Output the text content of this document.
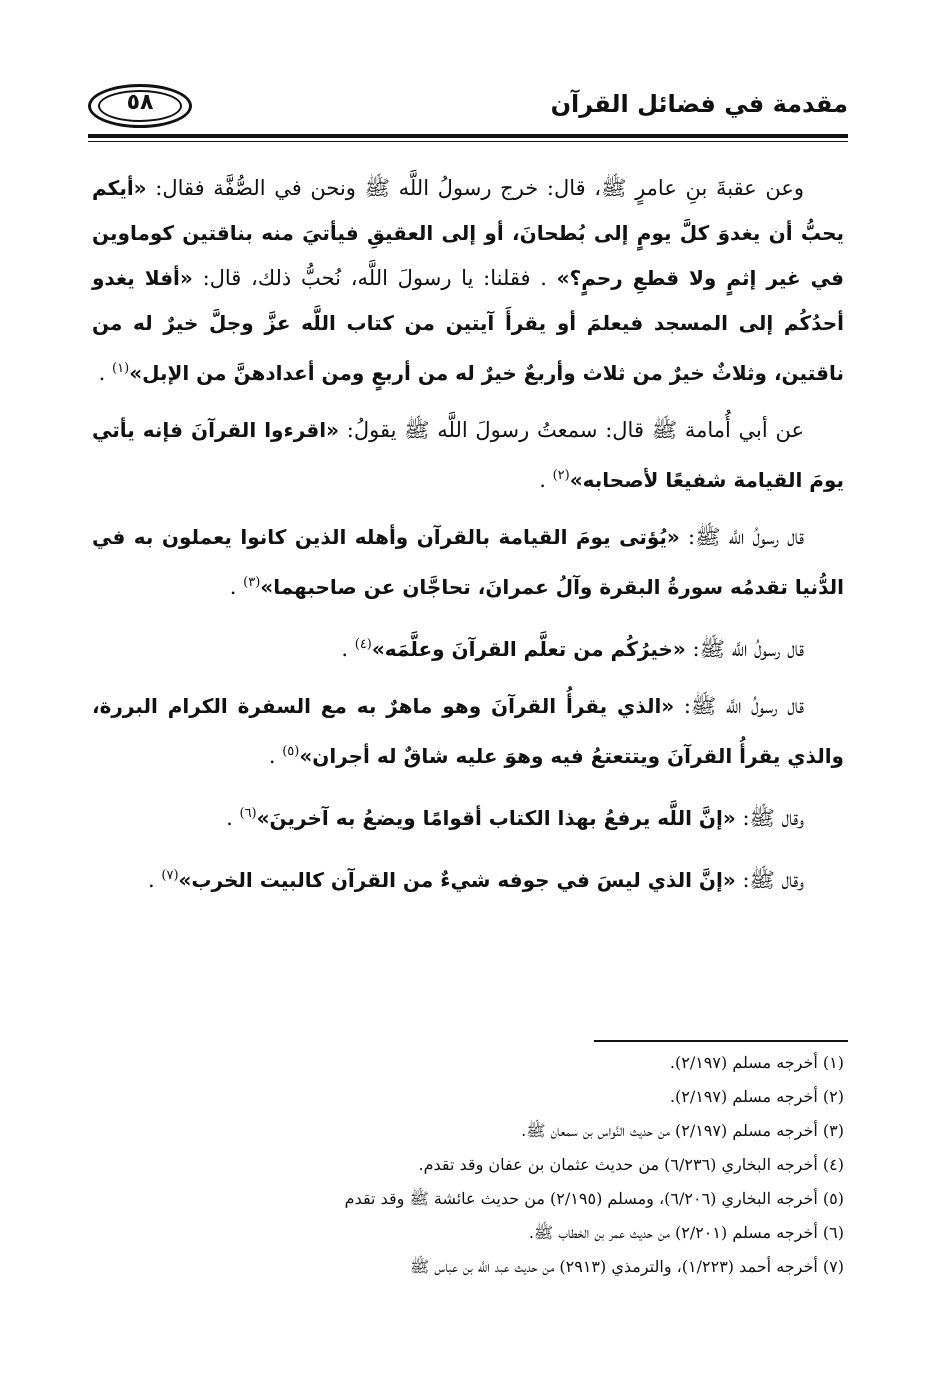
٥٨	مقدمة في فضائل القرآن

وعن عقبةَ بنِ عامرٍ ﷺ، قال: خرج رسولُ اللَّه ﷺ ونحن في الصُّفَّة فقال: «أيكم يحبُّ أن يغدوَ كلَّ يومٍ إلى بُطحانَ، أو إلى العقيقِ فيأتيَ منه بناقتين كوماوين في غير إثمٍ ولا قطعِ رحمٍ؟» . فقلنا: يا رسولَ اللَّه، نُحبُّ ذلك، قال: «أفلا يغدو أحدُكُم إلى المسجد فيعلمَ أو يقرأَ آيتين من كتاب اللَّه عزَّ وجلَّ خيرٌ له من ناقتين، وثلاثٌ خيرٌ من ثلاث وأربعٌ خيرٌ له من أربعٍ ومن أعدادهنَّ من الإبل»$^{(١)}$ .

عن أبي أُمامة ﷺ قال: سمعتُ رسولَ اللَّه ﷺ يقولُ: «اقرءوا القرآنَ فإنه يأتي يومَ القيامة شفيعًا لأصحابه»$^{(٢)}$ .

قال رسولُ اللَّه ﷺ: «يُؤتى يومَ القيامة بالقرآن وأهله الذين كانوا يعملون به في الدُّنيا تقدمُه سورةُ البقرة وآلُ عمرانَ، تحاجَّان عن صاحبهما»$^{(٣)}$ .

قال رسولُ اللَّه ﷺ: «خيرُكُم من تعلَّم القرآنَ وعلَّمَه»$^{(٤)}$ .

قال رسولُ اللَّه ﷺ: «الذي يقرأُ القرآنَ وهو ماهرٌ به مع السفرة الكرام البررة، والذي يقرأُ القرآنَ ويتتعتعُ فيه وهوَ عليه شاقٌ له أجران»$^{(٥)}$ .

وقال ﷺ: «إنَّ اللَّه يرفعُ بهذا الكتاب أقوامًا ويضعُ به آخرينَ»$^{(٦)}$ .

وقال ﷺ: «إنَّ الذي ليسَ في جوفه شيءٌ من القرآن كالبيت الخرب»$^{(٧)}$ .

(١) أخرجه مسلم (٢/١٩٧).

(٢) أخرجه مسلم (٢/١٩٧).

(٣) أخرجه مسلم (٢/١٩٧) من حديث النَّواس بن سمعان ﷺ.

(٤) أخرجه البخاري (٦/٢٣٦) من حديث عثمان بن عفان وقد تقدم.

(٥) أخرجه البخاري (٦/٢٠٦)، ومسلم (٢/١٩٥) من حديث عائشة ﷺ وقد تقدم

(٦) أخرجه مسلم (٢/٢٠١) من حديث عمر بن الخطاب ﷺ.

(٧) أخرجه أحمد (١/٢٢٣)، والترمذي (٢٩١٣) من حديث عبد اللَّه بن عباس ﷺ
